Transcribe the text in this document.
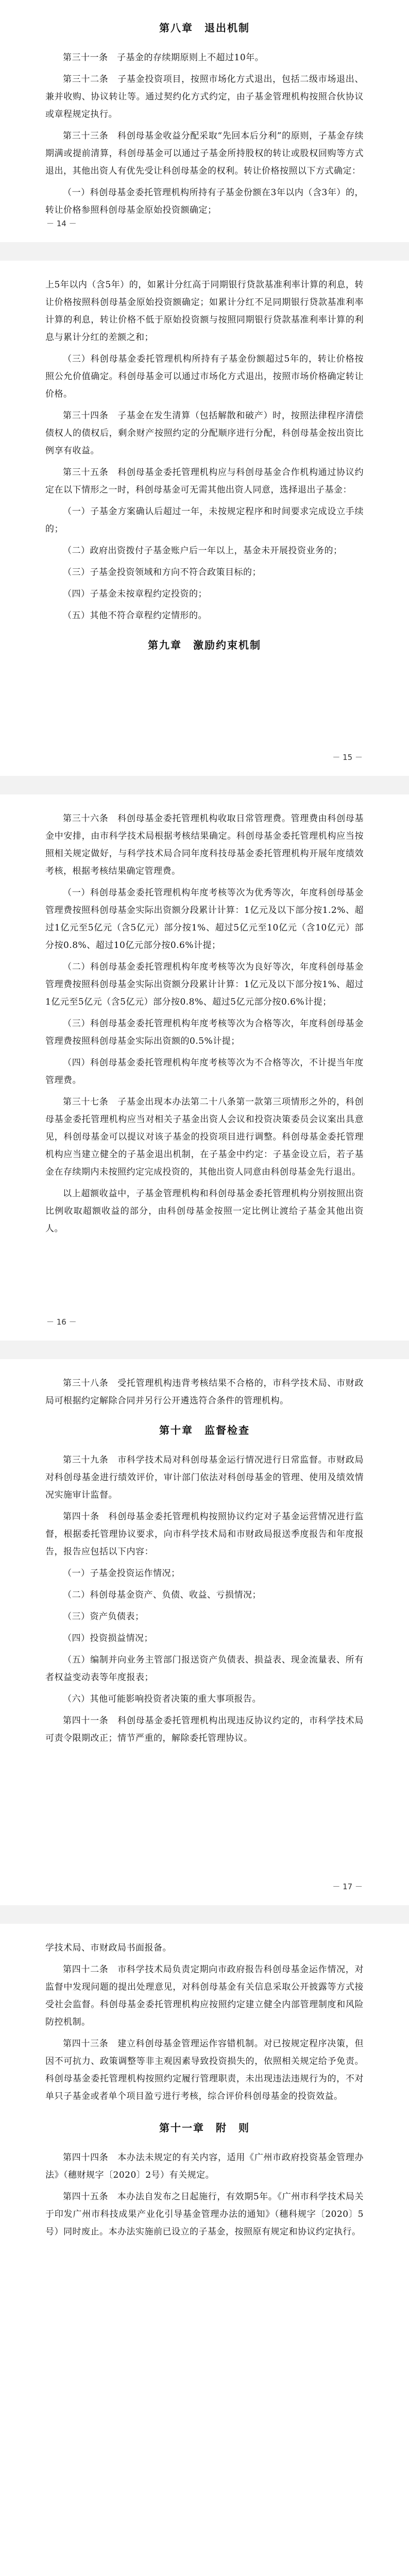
第八章　退出机制

第三十一条　子基金的存续期原则上不超过10年。

第三十二条　子基金投资项目，按照市场化方式退出，包括二级市场退出、兼并收购、协议转让等。通过契约化方式约定，由子基金管理机构按照合伙协议或章程规定执行。

第三十三条　科创母基金收益分配采取“先回本后分利”的原则，子基金存续期满或提前清算，科创母基金可以通过子基金所持股权的转让或股权回购等方式退出，其他出资人有优先受让科创母基金的权利。转让价格按照以下方式确定：

（一）科创母基金委托管理机构所持有子基金份额在3年以内（含3年）的，转让价格参照科创母基金原始投资额确定；

－ 14 －

上5年以内（含5年）的，如累计分红高于同期银行贷款基准利率计算的利息，转让价格按照科创母基金原始投资额确定；如累计分红不足同期银行贷款基准利率计算的利息，转让价格不低于原始投资额与按照同期银行贷款基准利率计算的利息与累计分红的差额之和；

（三）科创母基金委托管理机构所持有子基金份额超过5年的，转让价格按照公允价值确定。科创母基金可以通过市场化方式退出，按照市场价格确定转让价格。

第三十四条　子基金在发生清算（包括解散和破产）时，按照法律程序清偿债权人的债权后，剩余财产按照约定的分配顺序进行分配，科创母基金按出资比例享有收益。

第三十五条　科创母基金委托管理机构应与科创母基金合作机构通过协议约定在以下情形之一时，科创母基金可无需其他出资人同意，选择退出子基金：

（一）子基金方案确认后超过一年，未按规定程序和时间要求完成设立手续的；

（二）政府出资拨付子基金账户后一年以上，基金未开展投资业务的；

（三）子基金投资领域和方向不符合政策目标的；

（四）子基金未按章程约定投资的；

（五）其他不符合章程约定情形的。

第九章　激励约束机制
－ 15 －

第三十六条　科创母基金委托管理机构收取日常管理费。管理费由科创母基金中安排，由市科学技术局根据考核结果确定。科创母基金委托管理机构应当按照相关规定做好，与科学技术局合同年度科技母基金委托管理机构开展年度绩效考核，根据考核结果确定管理费。

（一）科创母基金委托管理机构年度考核等次为优秀等次，年度科创母基金管理费按照科创母基金实际出资额分段累计计算：1亿元及以下部分按1.2%、超过1亿元至5亿元（含5亿元）部分按1%、超过5亿元至10亿元（含10亿元）部分按0.8%、超过10亿元部分按0.6%计提；

（二）科创母基金委托管理机构年度考核等次为良好等次，年度科创母基金管理费按照科创母基金实际出资额分段累计计算：1亿元及以下部分按1%、超过1亿元至5亿元（含5亿元）部分按0.8%、超过5亿元部分按0.6%计提；

（三）科创母基金委托管理机构年度考核等次为合格等次，年度科创母基金管理费按照科创母基金实际出资额的0.5%计提；

（四）科创母基金委托管理机构年度考核等次为不合格等次，不计提当年度管理费。

第三十七条　子基金出现本办法第二十八条第一款第三项情形之外的，科创母基金委托管理机构应当对相关子基金出资人会议和投资决策委员会议案出具意见，科创母基金可以提议对该子基金的投资项目进行调整。科创母基金委托管理机构应当建立健全的子基金退出机制，在子基金中约定：子基金设立后，若子基金在存续期内未按照约定完成投资的，其他出资人同意由科创母基金先行退出。

以上超额收益中，子基金管理机构和科创母基金委托管理机构分别按照出资比例收取超额收益的部分，由科创母基金按照一定比例让渡给子基金其他出资人。

－ 16 －

第三十八条　受托管理机构违背考核结果不合格的，市科学技术局、市财政局可根据约定解除合同并另行公开遴选符合条件的管理机构。

第十章　监督检查

第三十九条　市科学技术局对科创母基金运行情况进行日常监督。市财政局对科创母基金进行绩效评价，审计部门依法对科创母基金的管理、使用及绩效情况实施审计监督。

第四十条　科创母基金委托管理机构按照协议约定对子基金运营情况进行监督，根据委托管理协议要求，向市科学技术局和市财政局报送季度报告和年度报告，报告应包括以下内容：

（一）子基金投资运作情况；

（二）科创母基金资产、负债、收益、亏损情况；

（三）资产负债表；

（四）投资损益情况；

（五）编制并向业务主管部门报送资产负债表、损益表、现金流量表、所有者权益变动表等年度报表；

（六）其他可能影响投资者决策的重大事项报告。

第四十一条　科创母基金委托管理机构出现违反协议约定的，市科学技术局可责令限期改正；情节严重的，解除委托管理协议。

－ 17 －

学技术局、市财政局书面报备。

第四十二条　市科学技术局负责定期向市政府报告科创母基金运作情况，对监督中发现问题的提出处理意见，对科创母基金有关信息采取公开披露等方式接受社会监督。科创母基金委托管理机构应按照约定建立健全内部管理制度和风险防控机制。

第四十三条　建立科创母基金管理运作容错机制。对已按规定程序决策，但因不可抗力、政策调整等非主观因素导致投资损失的，依照相关规定给予免责。科创母基金委托管理机构按照约定履行管理职责，未出现违法违规行为的，不对单只子基金或者单个项目盈亏进行考核，综合评价科创母基金的投资效益。

第十一章　附　则

第四十四条　本办法未规定的有关内容，适用《广州市政府投资基金管理办法》（穗财规字〔2020〕2号）有关规定。

第四十五条　本办法自发布之日起施行，有效期5年。《广州市科学技术局关于印发广州市科技成果产业化引导基金管理办法的通知》（穗科规字〔2020〕5号）同时废止。本办法实施前已设立的子基金，按照原有规定和协议约定执行。
